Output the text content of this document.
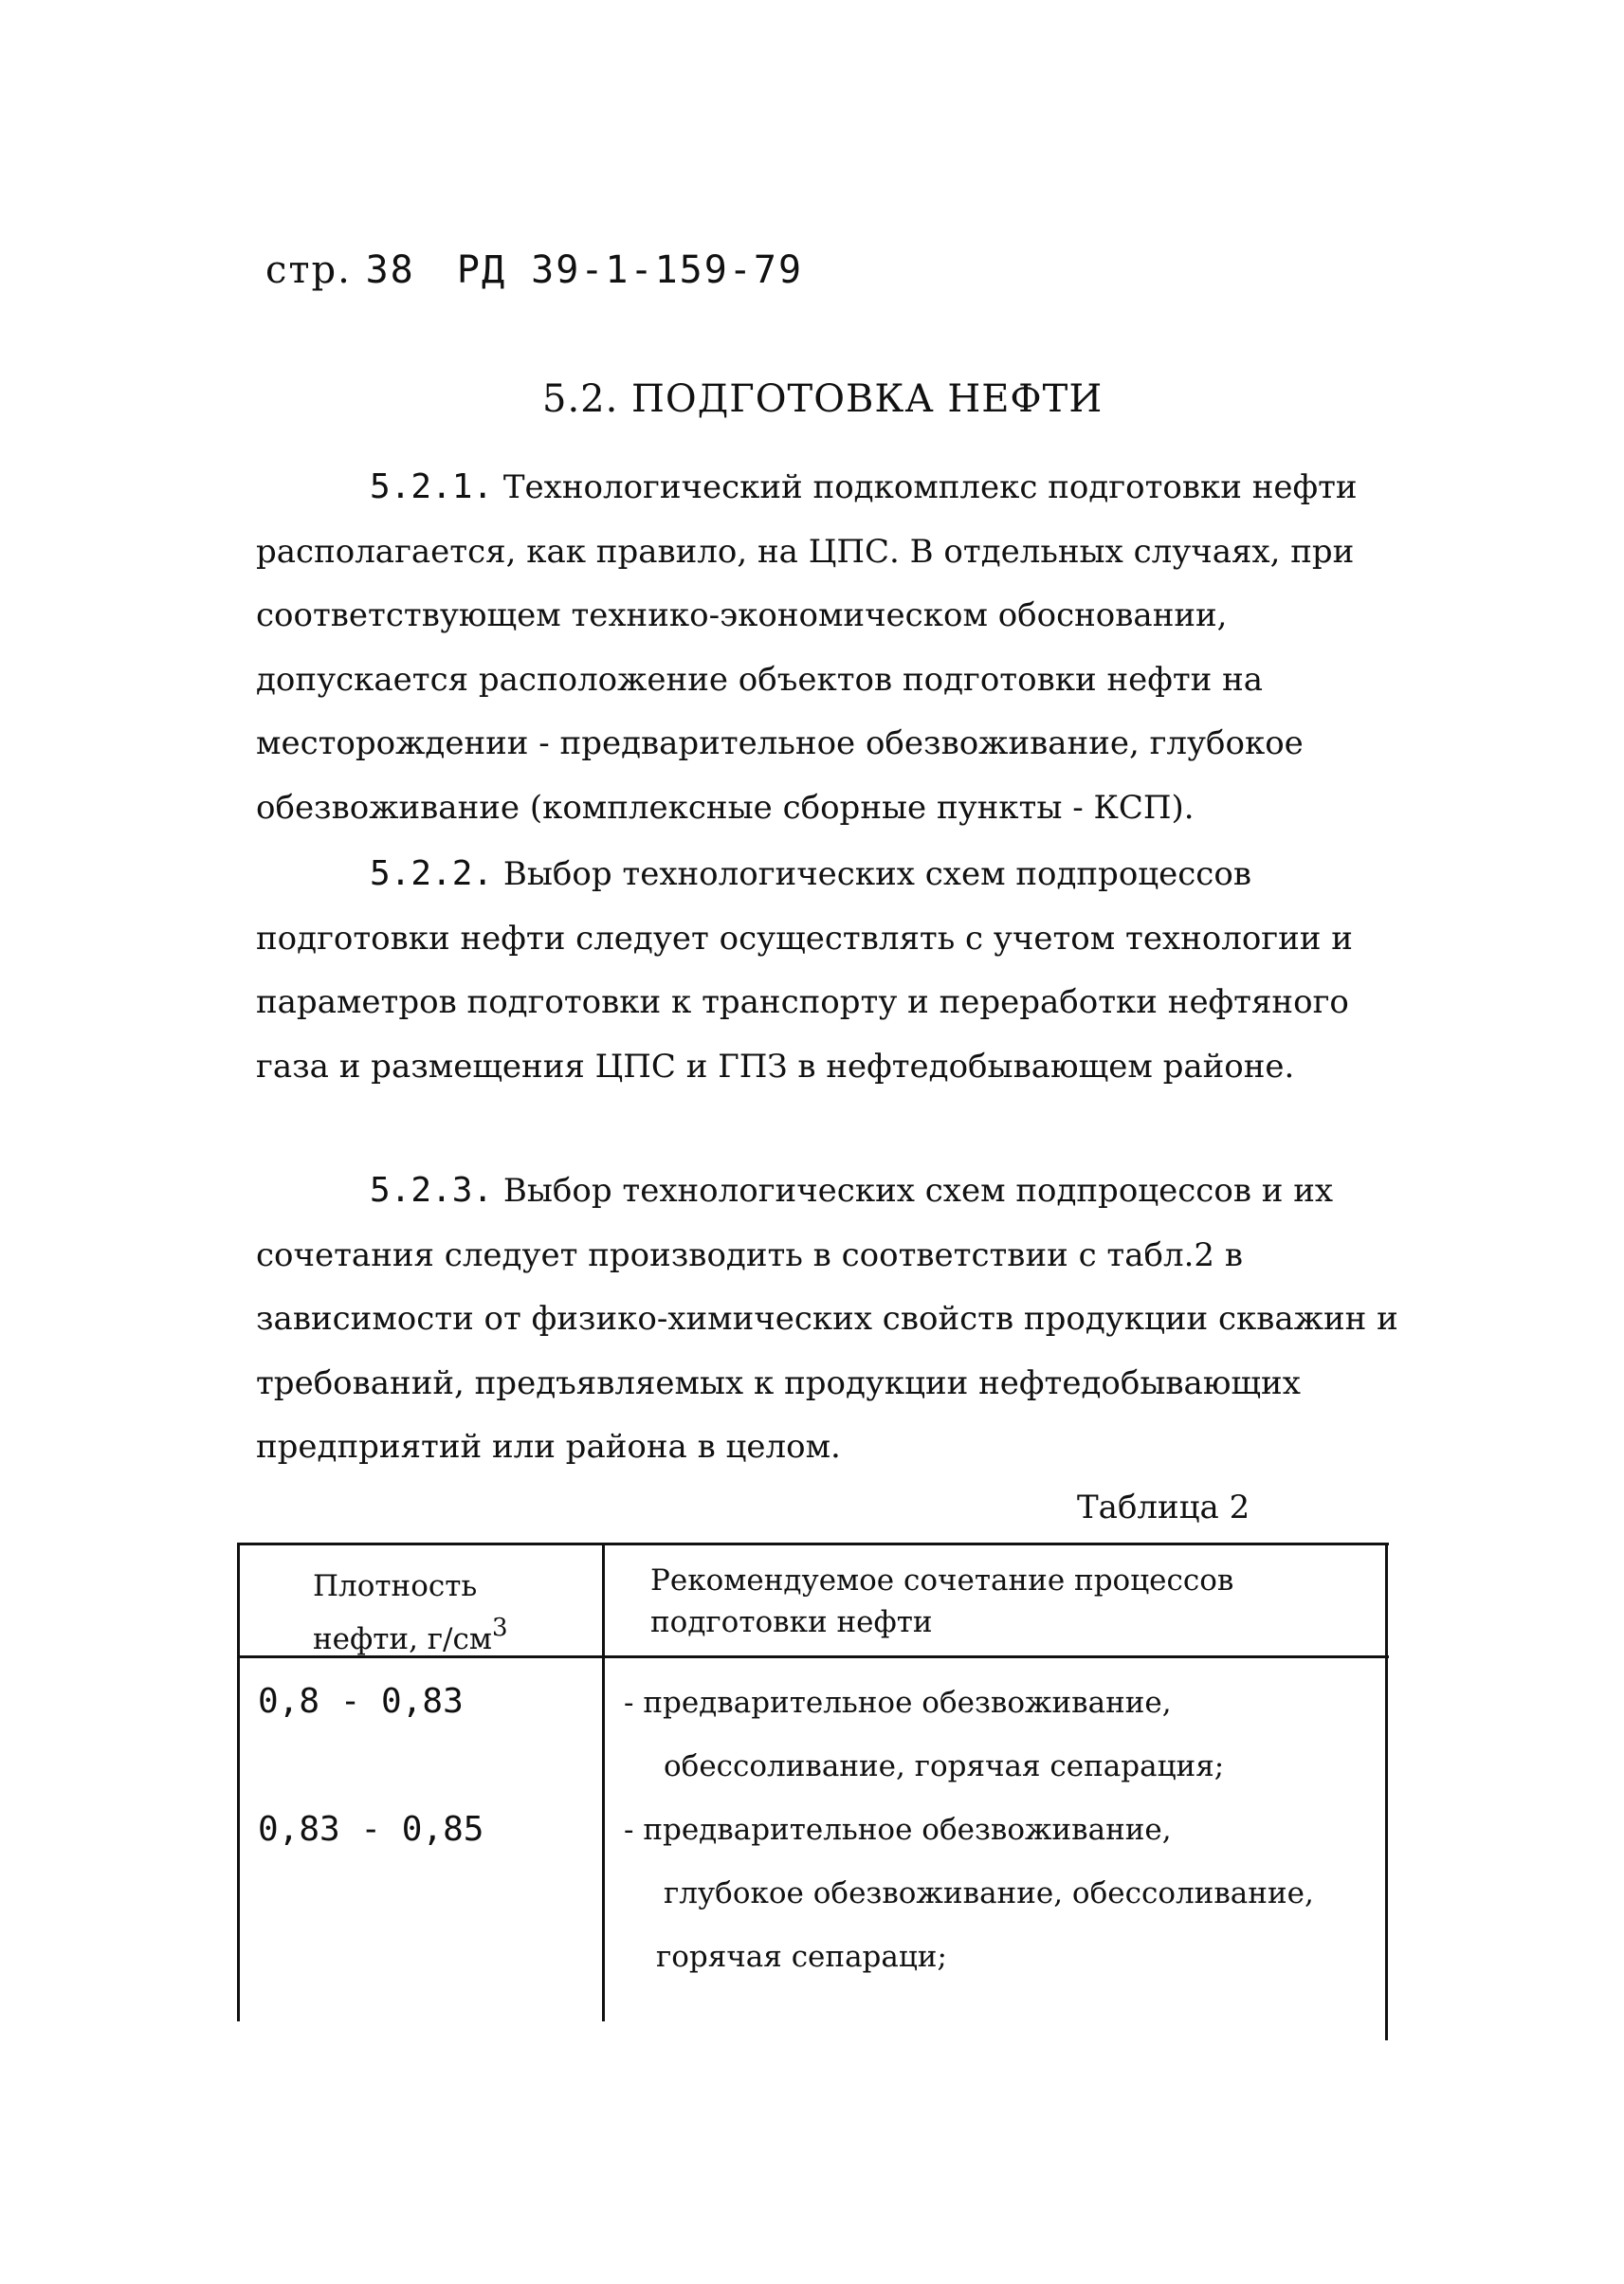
стр. 38 РД 39-1-159-79
5.2. ПОДГОТОВКА НЕФТИ
5.2.1. Технологический подкомплекс подготовки нефти располагается, как правило, на ЦПС. В отдельных случаях, при соответствующем технико-экономическом обосновании, допускается расположение объектов подготовки нефти на месторождении - предварительное обезвоживание, глубокое обезвоживание (комплексные сборные пункты - КСП).
5.2.2. Выбор технологических схем подпроцессов подготовки нефти следует осуществлять с учетом технологии и параметров подготовки к транспорту и переработки нефтяного газа и размещения ЦПС и ГПЗ в нефтедобывающем районе.
5.2.3. Выбор технологических схем подпроцессов и их сочетания следует производить в соответствии с табл.2 в зависимости от физико-химических свойств продукции скважин и требований, предъявляемых к продукции нефтедобывающих предприятий или района в целом.
Таблица 2
Плотность
нефти, $г/см^3$
Рекомендуемое сочетание процессов
подготовки нефти
0,8 - 0,83	- предварительное обезвоживание,
обессоливание, горячая сепарация;
0,83 - 0,85	- предварительное обезвоживание,
глубокое обезвоживание, обессоливание,
горячая сепараци;
